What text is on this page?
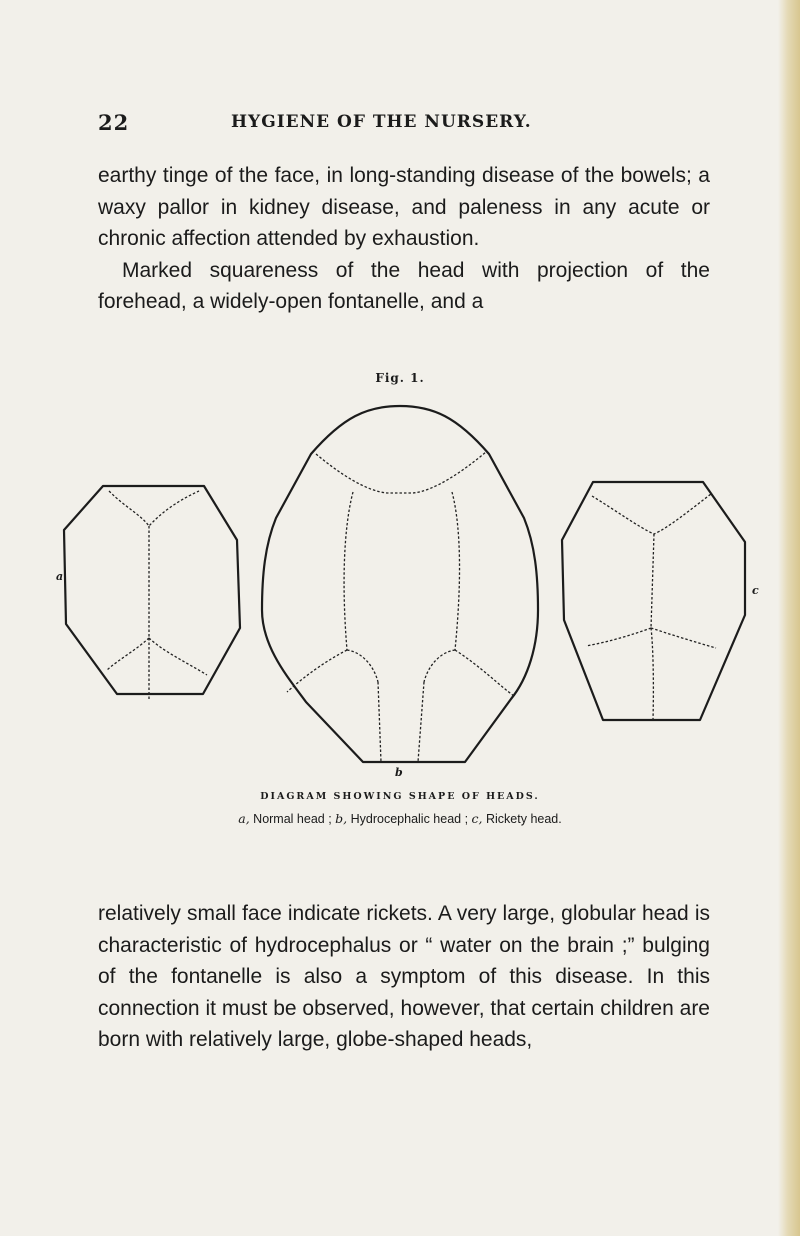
22	HYGIENE OF THE NURSERY.

earthy tinge of the face, in long-standing disease of the bowels; a waxy pallor in kidney disease, and paleness in any acute or chronic affection attended by exhaustion.

Marked squareness of the head with projection of the forehead, a widely-open fontanelle, and a

Fig. 1.
a
b
c
DIAGRAM SHOWING SHAPE OF HEADS.
a, Normal head ; b, Hydrocephalic head ; c, Rickety head.

relatively small face indicate rickets. A very large, globular head is characteristic of hydrocephalus or “ water on the brain ;” bulging of the fontanelle is also a symptom of this disease. In this connection it must be observed, however, that certain children are born with relatively large, globe-shaped heads,
